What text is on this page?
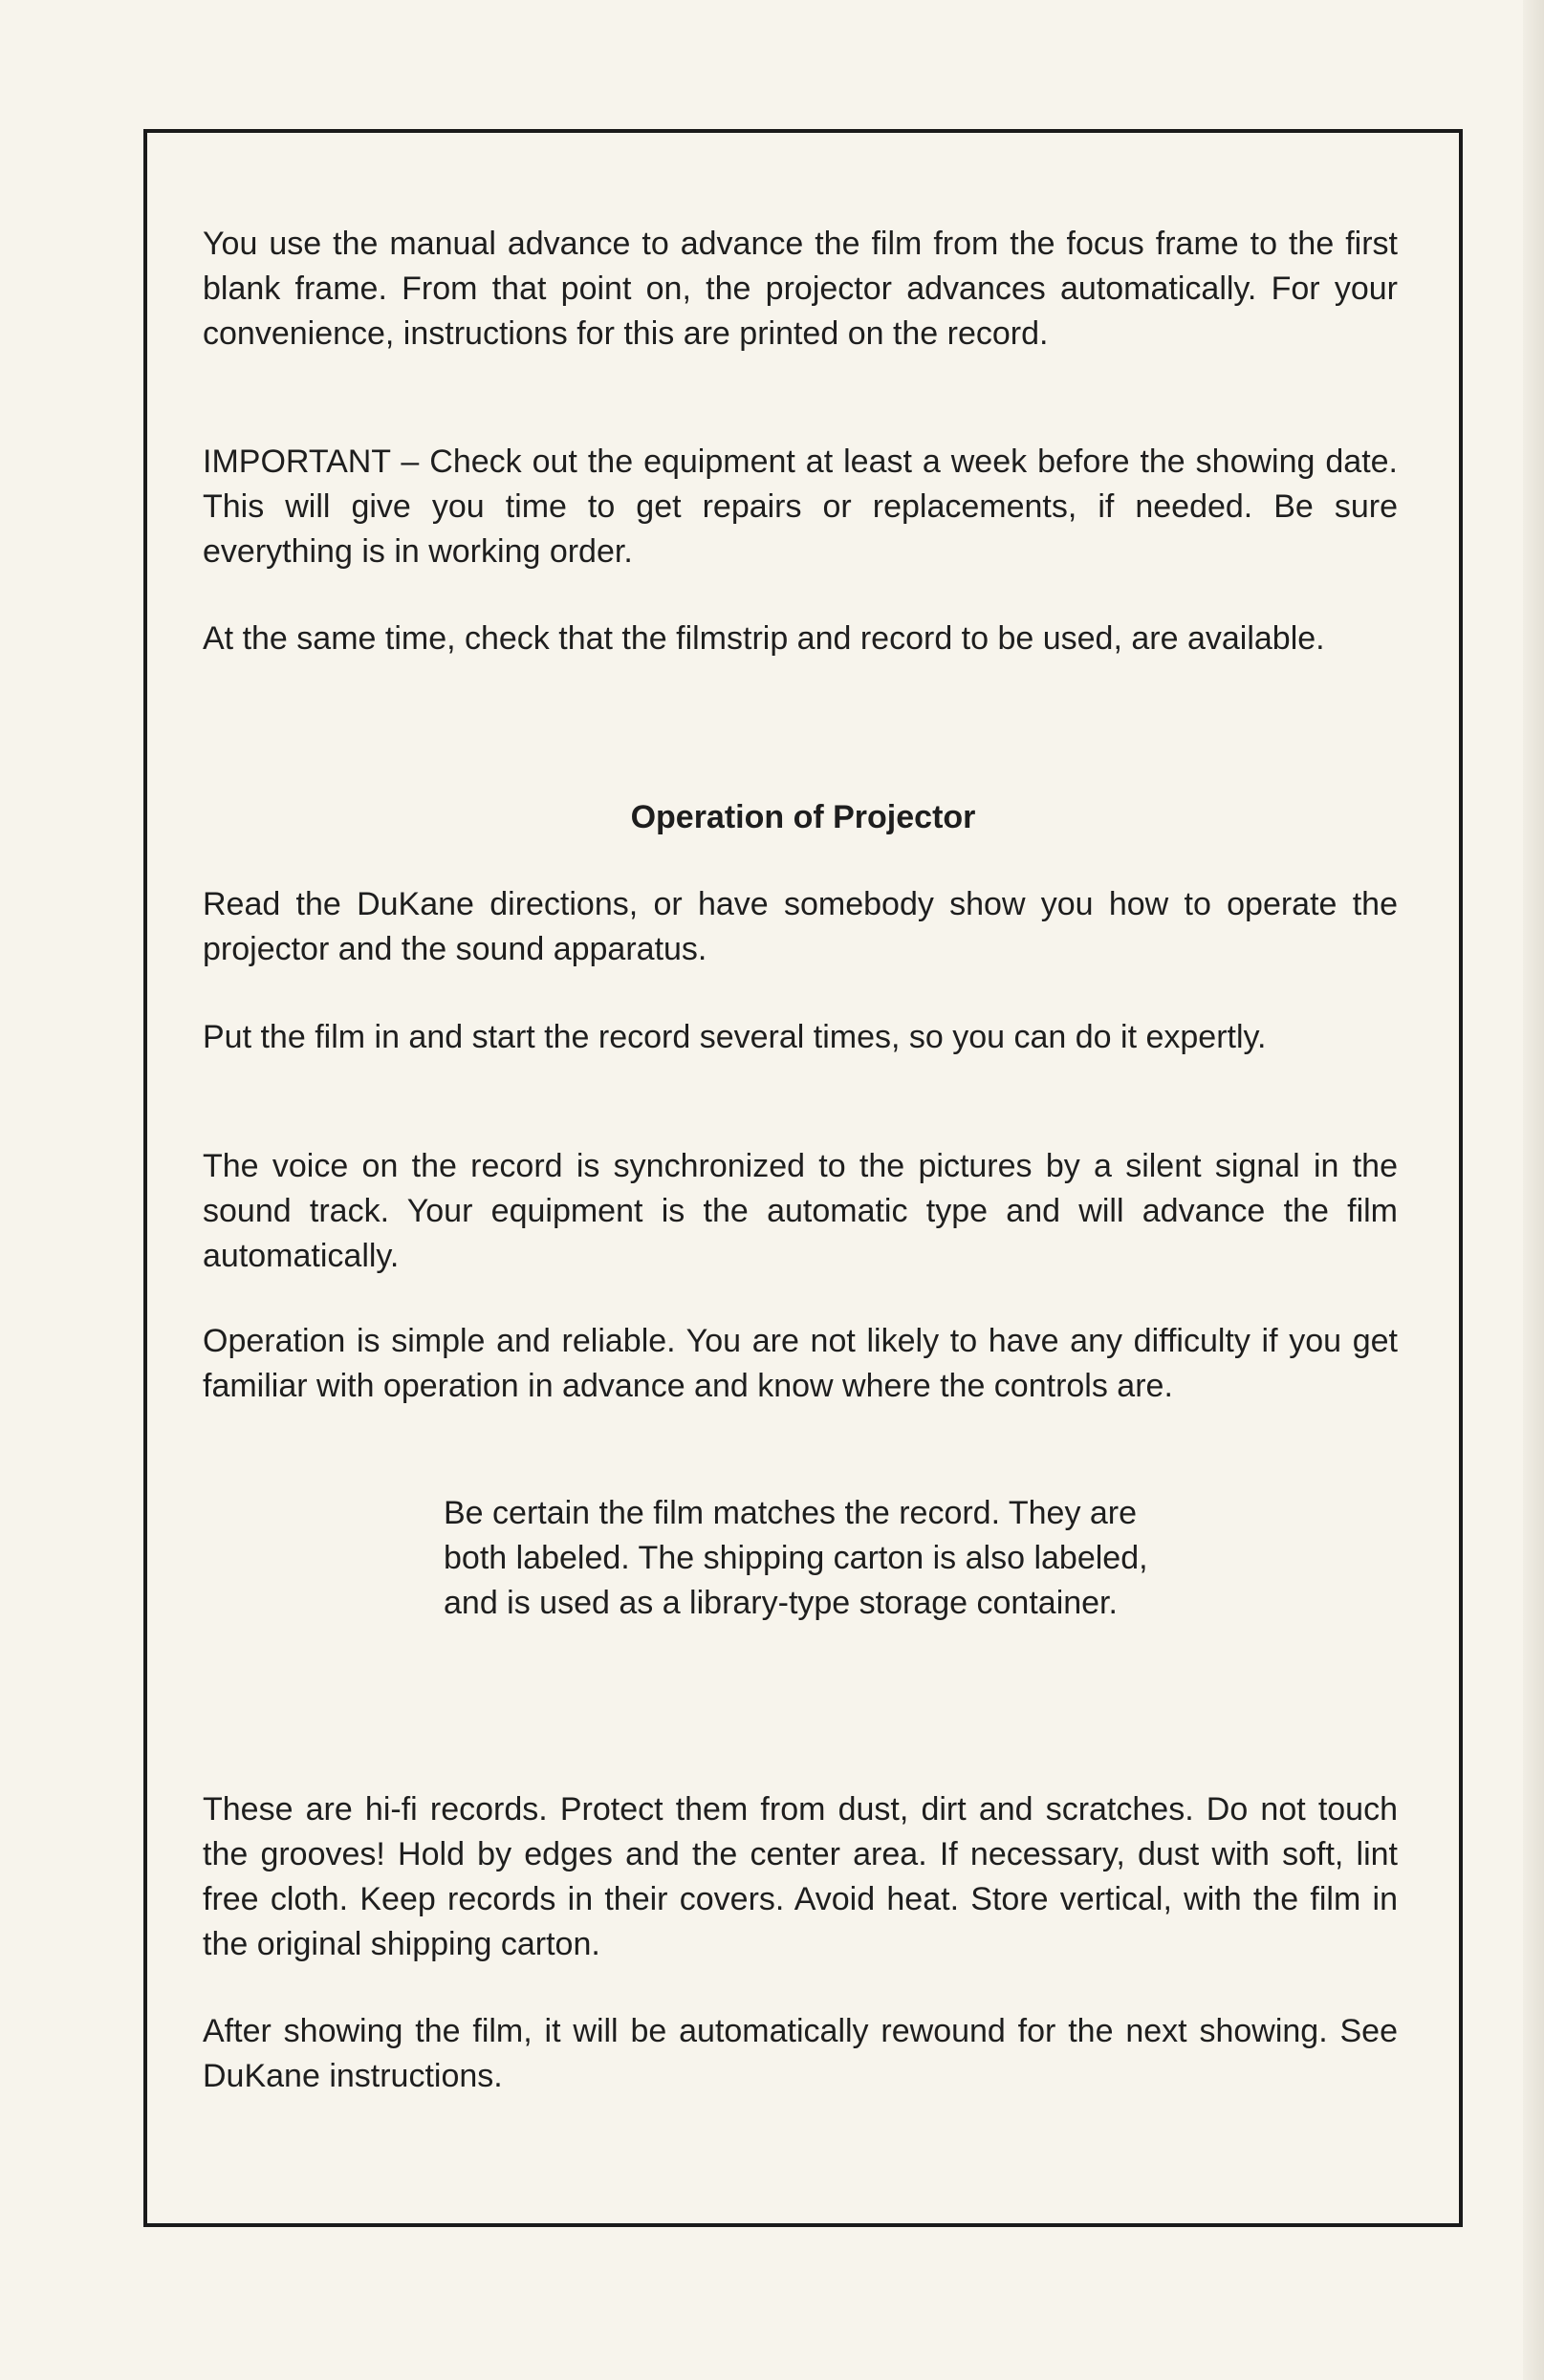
You use the manual advance to advance the film from the focus frame to the first blank frame. From that point on, the projector advances automatically. For your convenience, instructions for this are printed on the record.

IMPORTANT – Check out the equipment at least a week before the showing date. This will give you time to get repairs or replacements, if needed. Be sure everything is in working order.

At the same time, check that the filmstrip and record to be used, are available.

Operation of Projector

Read the DuKane directions, or have somebody show you how to operate the projector and the sound apparatus.

Put the film in and start the record several times, so you can do it expertly.

The voice on the record is synchronized to the pictures by a silent signal in the sound track. Your equipment is the automatic type and will advance the film automatically.

Operation is simple and reliable. You are not likely to have any difficulty if you get familiar with operation in advance and know where the controls are.

Be certain the film matches the record. They are both labeled. The shipping carton is also labeled, and is used as a library-type storage container.

These are hi-fi records. Protect them from dust, dirt and scratches. Do not touch the grooves! Hold by edges and the center area. If necessary, dust with soft, lint free cloth. Keep records in their covers. Avoid heat. Store vertical, with the film in the original shipping carton.

After showing the film, it will be automatically rewound for the next showing. See DuKane instructions.
